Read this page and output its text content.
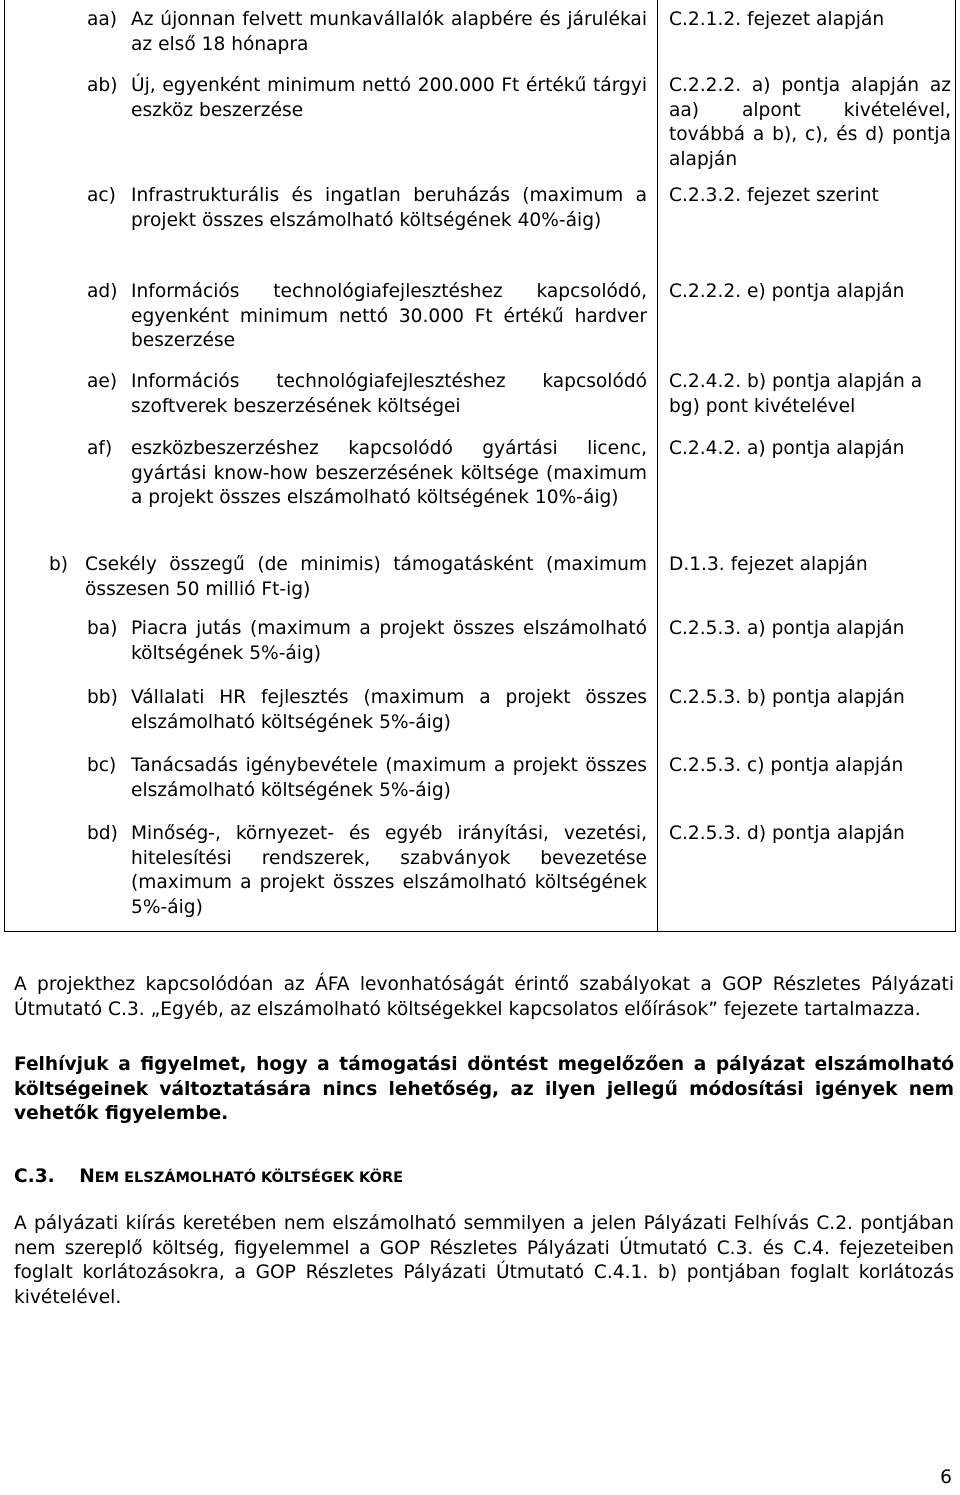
aa) Az újonnan felvett munkavállalók alapbére és járulékai az első 18 hónapra
C.2.1.2. fejezet alapján
ab) Új, egyenként minimum nettó 200.000 Ft értékű tárgyi eszköz beszerzése
C.2.2.2. a) pontja alapján az aa) alpont kivételével, továbbá a b), c), és d) pontja alapján
ac) Infrastrukturális és ingatlan beruházás (maximum a projekt összes elszámolható költségének 40%-áig)
C.2.3.2. fejezet szerint
ad) Információs technológiafejlesztéshez kapcsolódó, egyenként minimum nettó 30.000 Ft értékű hardver beszerzése
C.2.2.2. e) pontja alapján
ae) Információs technológiafejlesztéshez kapcsolódó szoftverek beszerzésének költségei
C.2.4.2. b) pontja alapján a bg) pont kivételével
af) eszközbeszerzéshez kapcsolódó gyártási licenc, gyártási know-how beszerzésének költsége (maximum a projekt összes elszámolható költségének 10%-áig)
C.2.4.2. a) pontja alapján
b) Csekély összegű (de minimis) támogatásként (maximum összesen 50 millió Ft-ig)
D.1.3. fejezet alapján
ba) Piacra jutás (maximum a projekt összes elszámolható költségének 5%-áig)
C.2.5.3. a) pontja alapján
bb) Vállalati HR fejlesztés (maximum a projekt összes elszámolható költségének 5%-áig)
C.2.5.3. b) pontja alapján
bc) Tanácsadás igénybevétele (maximum a projekt összes elszámolható költségének 5%-áig)
C.2.5.3. c) pontja alapján
bd) Minőség-, környezet- és egyéb irányítási, vezetési, hitelesítési rendszerek, szabványok bevezetése (maximum a projekt összes elszámolható költségének 5%-áig)
C.2.5.3. d) pontja alapján
A projekthez kapcsolódóan az ÁFA levonhatóságát érintő szabályokat a GOP Részletes Pályázati Útmutató C.3. „Egyéb, az elszámolható költségekkel kapcsolatos előírások” fejezete tartalmazza.
Felhívjuk a figyelmet, hogy a támogatási döntést megelőzően a pályázat elszámolható költségeinek változtatására nincs lehetőség, az ilyen jellegű módosítási igények nem vehetők figyelembe.
C.3. NEM ELSZÁMOLHATÓ KÖLTSÉGEK KÖRE
A pályázati kiírás keretében nem elszámolható semmilyen a jelen Pályázati Felhívás C.2. pontjában nem szereplő költség, figyelemmel a GOP Részletes Pályázati Útmutató C.3. és C.4. fejezeteiben foglalt korlátozásokra, a GOP Részletes Pályázati Útmutató C.4.1. b) pontjában foglalt korlátozás kivételével.
6
